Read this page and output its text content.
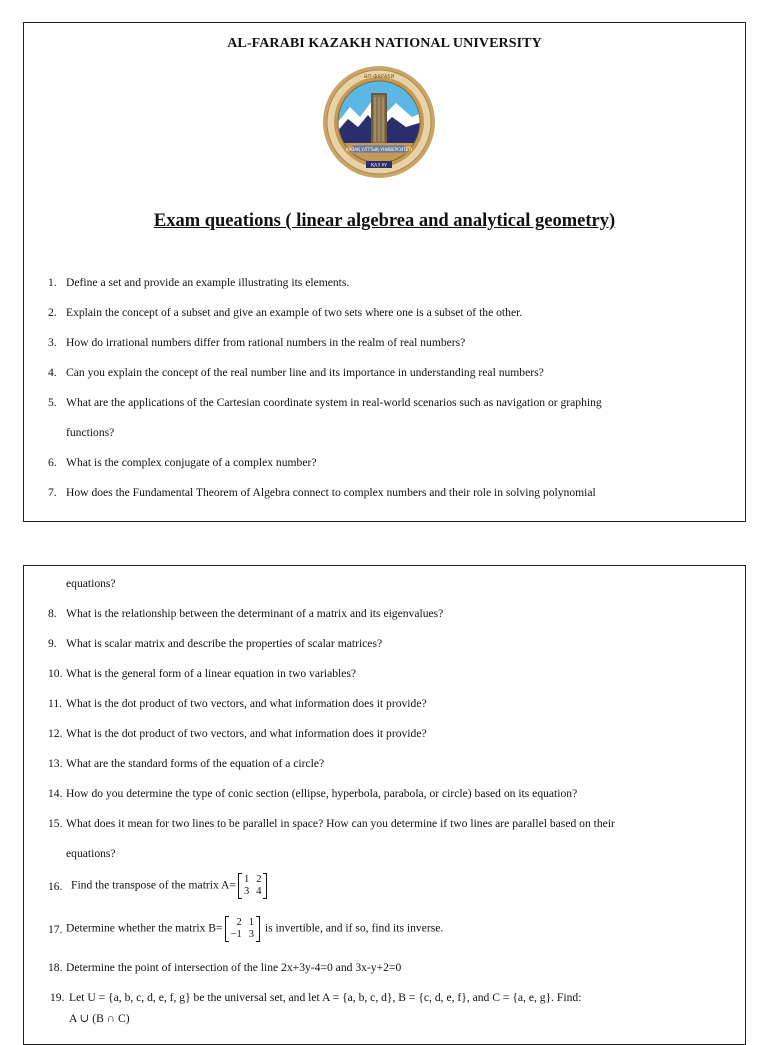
AL-FARABI KAZAKH NATIONAL UNIVERSITY
ҚАЗАҚ ҰЛТТЫҚ УНИВЕРСИТЕТІ
ӘЛ-ФАРАБИ
ҚАЗ ҰУ
Exam queations ( linear algebrea and analytical geometry)
1. Define a set and provide an example illustrating its elements.
2. Explain the concept of a subset and give an example of two sets where one is a subset of the other.
3. How do irrational numbers differ from rational numbers in the realm of real numbers?
4. Can you explain the concept of the real number line and its importance in understanding real numbers?
5. What are the applications of the Cartesian coordinate system in real-world scenarios such as navigation or graphing
functions?
6. What is the complex conjugate of a complex number?
7. How does the Fundamental Theorem of Algebra connect to complex numbers and their role in solving polynomial
equations?
8. What is the relationship between the determinant of a matrix and its eigenvalues?
9. What is scalar matrix and describe the properties of scalar matrices?
10. What is the general form of a linear equation in two variables?
11. What is the dot product of two vectors, and what information does it provide?
12. What is the dot product of two vectors, and what information does it provide?
13. What are the standard forms of the equation of a circle?
14. How do you determine the type of conic section (ellipse, hyperbola, parabola, or circle) based on its equation?
15. What does it mean for two lines to be parallel in space? How can you determine if two lines are parallel based on their
equations?
16. Find the transpose of the matrix A= 1 2
3 4
17. Determine whether the matrix B=	2 1
−1 3 is invertible, and if so, find its inverse.
18. Determine the point of intersection of the line 2x+3y-4=0 and 3x-y+2=0
19. Let U = {a, b, c, d, e, f, g} be the universal set, and let A = {a, b, c, d}, B = {c, d, e, f}, and C = {a, e, g}. Find:
A ∪ (B ∩ C)
